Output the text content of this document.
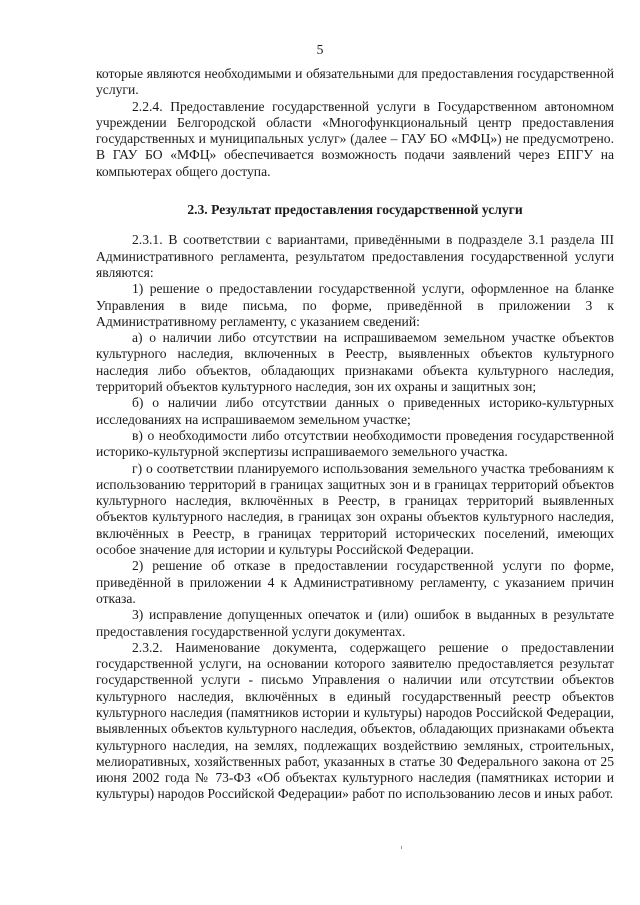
5

которые являются необходимыми и обязательными для предоставления государственной услуги.

2.2.4. Предоставление государственной услуги в Государственном автономном учреждении Белгородской области «Многофункциональный центр предоставления государственных и муниципальных услуг» (далее – ГАУ БО «МФЦ») не предусмотрено. В ГАУ БО «МФЦ» обеспечивается возможность подачи заявлений через ЕПГУ на компьютерах общего доступа.

2.3. Результат предоставления государственной услуги

2.3.1. В соответствии с вариантами, приведёнными в подразделе 3.1 раздела III Административного регламента, результатом предоставления государственной услуги являются:

1) решение о предоставлении государственной услуги, оформленное на бланке Управления в виде письма, по форме, приведённой в приложении 3 к Административному регламенту, с указанием сведений:

а) о наличии либо отсутствии на испрашиваемом земельном участке объектов культурного наследия, включенных в Реестр, выявленных объектов культурного наследия либо объектов, обладающих признаками объекта культурного наследия, территорий объектов культурного наследия, зон их охраны и защитных зон;

б) о наличии либо отсутствии данных о приведенных историко-культурных исследованиях на испрашиваемом земельном участке;

в) о необходимости либо отсутствии необходимости проведения государственной историко-культурной экспертизы испрашиваемого земельного участка.

г) о соответствии планируемого использования земельного участка требованиям к использованию территорий в границах защитных зон и в границах территорий объектов культурного наследия, включённых в Реестр, в границах территорий выявленных объектов культурного наследия, в границах зон охраны объектов культурного наследия, включённых в Реестр, в границах территорий исторических поселений, имеющих особое значение для истории и культуры Российской Федерации.

2) решение об отказе в предоставлении государственной услуги по форме, приведённой в приложении 4 к Административному регламенту, с указанием причин отказа.

3) исправление допущенных опечаток и (или) ошибок в выданных в результате предоставления государственной услуги документах.

2.3.2. Наименование документа, содержащего решение о предоставлении государственной услуги, на основании которого заявителю предоставляется результат государственной услуги - письмо Управления о наличии или отсутствии объектов культурного наследия, включённых в единый государственный реестр объектов культурного наследия (памятников истории и культуры) народов Российской Федерации, выявленных объектов культурного наследия, объектов, обладающих признаками объекта культурного наследия, на землях, подлежащих воздействию земляных, строительных, мелиоративных, хозяйственных работ, указанных в статье 30 Федерального закона от 25 июня 2002 года № 73-ФЗ «Об объектах культурного наследия (памятниках истории и культуры) народов Российской Федерации» работ по использованию лесов и иных работ.
